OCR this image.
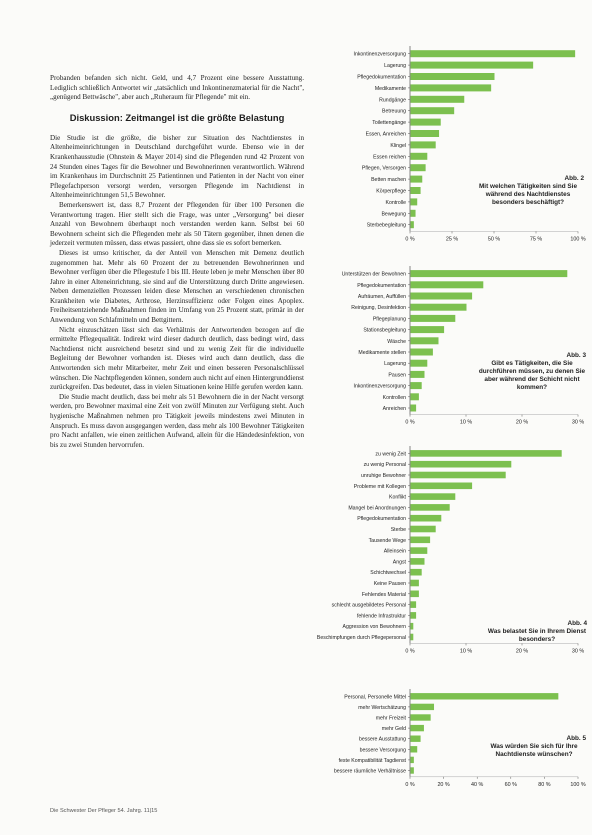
Probanden befanden sich nicht. Geld, und 4,7 Prozent eine bessere Ausstattung. Lediglich schließlich Antwortet wir „tatsächlich und Inkontinenzmaterial für die Nacht", „genügend Bettwäsche", aber auch „Ruheraum für Pflegende" mit ein.

Diskussion: Zeitmangel ist die größte Belastung

Die Studie ist die größte, die bisher zur Situation des Nachtdienstes in Altenheimeinrichtungen in Deutschland durchgeführt wurde. Ebenso wie in der Krankenhausstudie (Ohnstein & Mayer 2014) sind die Pflegenden rund 42 Prozent von 24 Stunden eines Tages für die Bewohner und Bewohnerinnen verantwortlich. Während im Krankenhaus im Durchschnitt 25 Patientinnen und Patienten in der Nacht von einer Pflegefachperson versorgt werden, versorgen Pflegende im Nachtdienst in Altenheimeinrichtungen 51,5 Bewohner.

Bemerkenswert ist, dass 8,7 Prozent der Pflegenden für über 100 Personen die Verantwortung tragen. Hier stellt sich die Frage, was unter „Versorgung" bei dieser Anzahl von Bewohnern überhaupt noch verstanden werden kann. Selbst bei 60 Bewohnern scheint sich die Pflegenden mehr als 50 Tätern gegenüber, ihnen denen die jederzeit vermuten müssen, dass etwas passiert, ohne dass sie es sofort bemerken.

Dieses ist umso kritischer, da der Anteil von Menschen mit Demenz deutlich zugenommen hat. Mehr als 60 Prozent der zu betreuenden Bewohnerinnen und Bewohner verfügen über die Pflegestufe I bis III. Heute leben je mehr Menschen über 80 Jahre in einer Alteneinrichtung, sie sind auf die Unterstützung durch Dritte angewiesen. Neben demenziellen Prozessen leiden diese Menschen an verschiedenen chronischen Krankheiten wie Diabetes, Arthrose, Herzinsuffizienz oder Folgen eines Apoplex. Freiheitsentziehende Maßnahmen finden im Umfang von 25 Prozent statt, primär in der Anwendung von Schlafmitteln und Bettgittern.

Nicht einzuschätzen lässt sich das Verhältnis der Antwortenden bezogen auf die ermittelte Pflegequalität. Indirekt wird dieser dadurch deutlich, dass bedingt wird, dass Nachtdienst nicht ausreichend besetzt sind und zu wenig Zeit für die individuelle Begleitung der Bewohner vorhanden ist. Dieses wird auch dann deutlich, dass die Antwortenden sich mehr Mitarbeiter, mehr Zeit und einen besseren Personalschlüssel wünschen. Die Nachtpflegenden können, sondern auch nicht auf einen Hintergrunddienst zurückgreifen. Das bedeutet, dass in vielen Situationen keine Hilfe gerufen werden kann.

Die Studie macht deutlich, dass bei mehr als 51 Bewohnern die in der Nacht versorgt werden, pro Bewohner maximal eine Zeit von zwölf Minuten zur Verfügung steht. Auch hygienische Maßnahmen nehmen pro Tätigkeit jeweils mindestens zwei Minuten in Anspruch. Es muss davon ausgegangen werden, dass mehr als 100 Bewohner Tätigkeiten pro Nacht anfallen, wie einen zeitlichen Aufwand, allein für die Händedesinfektion, von bis zu zwei Stunden hervorrufen.

Die Schwester Der Pfleger 54. Jahrg. 11|15
Inkontinenzversorgung
Lagerung
Pflegedokumentation
Medikamente
Rundgänge
Betreuung
Toilettengänge
Essen, Anreichen
Klingel
Essen reichen
Pflegen, Versorgen
Betten machen
Körperpflege
Kontrolle
Bewegung
Sterbebegleitung
0 %	25 %	50 %	75 %	100 %
Abb. 2
Mit welchen Tätigkeiten sind Sie während des Nachtdienstes besonders beschäftigt?
Unterstützen der Bewohnen
Pflegedokumentation
Aufräumen, Auffüllen
Reinigung, Desinfektion
Pflegeplanung
Stationsbegleitung
Wäsche
Medikamente stellen
Lagerung
Pausen
Inkontinenzversorgung
Kontrollen
Anreichen
0 %	10 %	20 %	30 %
Abb. 3
Gibt es Tätigkeiten, die Sie durchführen müssen, zu denen Sie aber während der Schicht nicht kommen?
zu wenig Zeit
zu wenig Personal
unruhige Bewohner
Probleme mit Kollegen
Konflikt
Mangel bei Anordnungen
Pflegedokumentation
Sterbe
Tausende Wege
Alleinsein
Angst
Schichtwechsel
Keine Pausen
Fehlendes Material
schlecht ausgebildetes Personal
fehlende Infrastruktur
Aggression von Bewohnern
Beschimpfungen durch Pflegepersonal
0 %	10 %	20 %	30 %
Abb. 4
Was belastet Sie in Ihrem Dienst besonders?
Personal, Personelle Mittel
mehr Wertschätzung
mehr Freizeit
mehr Geld
bessere Ausstattung
bessere Versorgung
feste Kompatibilität Tagdienst
bessere räumliche Verhältnisse
0 %	20 %	40 %	60 %	80 %	100 %
Abb. 5
Was würden Sie sich für Ihre Nachtdienste wünschen?
